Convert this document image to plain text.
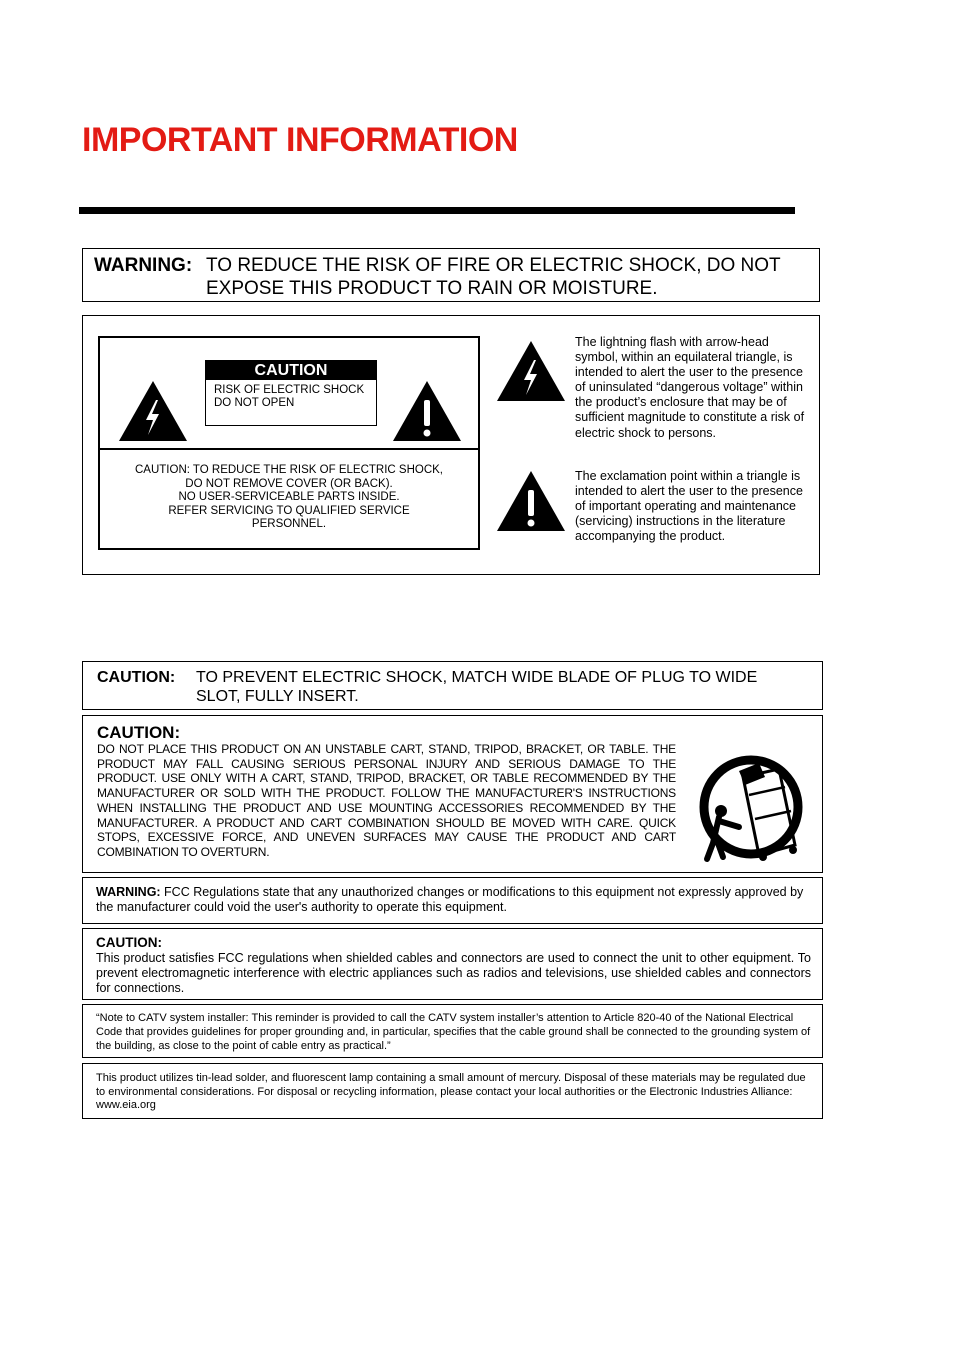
IMPORTANT INFORMATION
WARNING: TO REDUCE THE RISK OF FIRE OR ELECTRIC SHOCK, DO NOT EXPOSE THIS PRODUCT TO RAIN OR MOISTURE.
CAUTION
RISK OF ELECTRIC SHOCK
DO NOT OPEN
CAUTION: TO REDUCE THE RISK OF ELECTRIC SHOCK,
DO NOT REMOVE COVER (OR BACK).
NO USER-SERVICEABLE PARTS INSIDE.
REFER SERVICING TO QUALIFIED SERVICE
PERSONNEL.
The lightning flash with arrow-head symbol, within an equilateral triangle, is intended to alert the user to the presence of uninsulated “dangerous voltage” within the product’s enclosure that may be of sufficient magnitude to constitute a risk of electric shock to persons.
The exclamation point within a triangle is intended to alert the user to the presence of important operating and maintenance (servicing) instructions in the literature accompanying the product.
CAUTION: TO PREVENT ELECTRIC SHOCK, MATCH WIDE BLADE OF PLUG TO WIDE SLOT, FULLY INSERT.
CAUTION:
DO NOT PLACE THIS PRODUCT ON AN UNSTABLE CART, STAND, TRIPOD, BRACKET, OR TABLE. THE PRODUCT MAY FALL CAUSING SERIOUS PERSONAL INJURY AND SERIOUS DAMAGE TO THE PRODUCT. USE ONLY WITH A CART, STAND, TRIPOD, BRACKET, OR TABLE RECOMMENDED BY THE MANUFACTURER OR SOLD WITH THE PRODUCT. FOLLOW THE MANUFACTURER'S INSTRUCTIONS WHEN INSTALLING THE PRODUCT AND USE MOUNTING ACCESSORIES RECOMMENDED BY THE MANUFACTURER. A PRODUCT AND CART COMBINATION SHOULD BE MOVED WITH CARE. QUICK STOPS, EXCESSIVE FORCE, AND UNEVEN SURFACES MAY CAUSE THE PRODUCT AND CART COMBINATION TO OVERTURN.
WARNING: FCC Regulations state that any unauthorized changes or modifications to this equipment not expressly approved by the manufacturer could void the user's authority to operate this equipment.
CAUTION:
This product satisfies FCC regulations when shielded cables and connectors are used to connect the unit to other equipment. To prevent electromagnetic interference with electric appliances such as radios and televisions, use shielded cables and connectors for connections.
“Note to CATV system installer: This reminder is provided to call the CATV system installer’s attention to Article 820-40 of the National Electrical Code that provides guidelines for proper grounding and, in particular, specifies that the cable ground shall be connected to the grounding system of the building, as close to the point of cable entry as practical.”
This product utilizes tin-lead solder, and fluorescent lamp containing a small amount of mercury. Disposal of these materials may be regulated due to environmental considerations. For disposal or recycling information, please contact your local authorities or the Electronic Industries Alliance: www.eia.org
